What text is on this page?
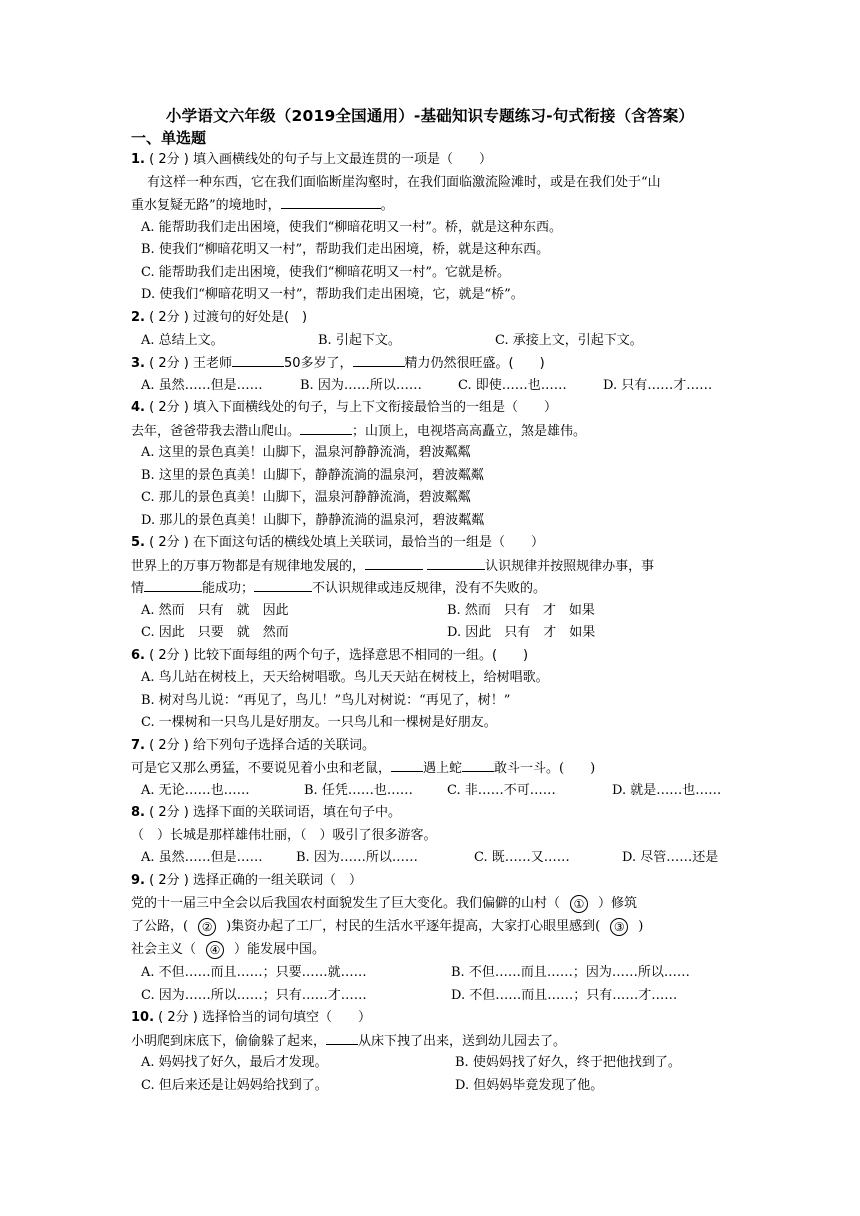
小学语文六年级（2019全国通用）-基础知识专题练习-句式衔接（含答案）
一、单选题
1. ( 2分 ) 填入画横线处的句子与上文最连贯的一项是（　　）
有这样一种东西，它在我们面临断崖沟壑时，在我们面临激流险滩时，或是在我们处于“山
重水复疑无路”的境地时，	。
A. 能帮助我们走出困境，使我们“柳暗花明又一村”。桥，就是这种东西。
B. 使我们“柳暗花明又一村”，帮助我们走出困境，桥，就是这种东西。
C. 能帮助我们走出困境，使我们“柳暗花明又一村”。它就是桥。
D. 使我们“柳暗花明又一村”，帮助我们走出困境，它，就是“桥”。
2. ( 2分 ) 过渡句的好处是(　)
A. 总结上文。	B. 引起下文。	C. 承接上文，引起下文。
3. ( 2分 ) 王老师	50多岁了，	精力仍然很旺盛。(　　)
A. 虽然……但是……	B. 因为……所以……	C. 即使……也……	D. 只有……才……
4. ( 2分 ) 填入下面横线处的句子，与上下文衔接最恰当的一组是（　　）
去年，爸爸带我去潜山爬山。	；山顶上，电视塔高高矗立，煞是雄伟。
A. 这里的景色真美！山脚下，温泉河静静流淌，碧波粼粼
B. 这里的景色真美！山脚下，静静流淌的温泉河，碧波粼粼
C. 那儿的景色真美！山脚下，温泉河静静流淌，碧波粼粼
D. 那儿的景色真美！山脚下，静静流淌的温泉河，碧波粼粼
5. ( 2分 ) 在下面这句话的横线处填上关联词，最恰当的一组是（　　）
世界上的万事万物都是有规律地发展的，	认识规律并按照规律办事，事
情	能成功；	不认识规律或违反规律，没有不失败的。
A. 然而　只有　就　因此	B. 然而　只有　才　如果
C. 因此　只要　就　然而	D. 因此　只有　才　如果
6. ( 2分 ) 比较下面每组的两个句子，选择意思不相同的一组。(　　)
A. 鸟儿站在树枝上，天天给树唱歌。鸟儿天天站在树枝上，给树唱歌。
B. 树对鸟儿说：“再见了，鸟儿！”鸟儿对树说：“再见了，树！”
C. 一棵树和一只鸟儿是好朋友。一只鸟儿和一棵树是好朋友。
7. ( 2分 ) 给下列句子选择合适的关联词。
可是它又那么勇猛，不要说见着小虫和老鼠， 遇上蛇 敢斗一斗。(　　)
A. 无论……也……	B. 任凭……也……	C. 非……不可……	D. 就是……也……
8. ( 2分 ) 选择下面的关联词语，填在句子中。
（　）长城是那样雄伟壮丽，（　）吸引了很多游客。
A. 虽然……但是……	B. 因为……所以……	C. 既……又……	D. 尽管……还是
9. ( 2分 ) 选择正确的一组关联词（　）
党的十一届三中全会以后我国农村面貌发生了巨大变化。我们偏僻的山村（ ① ）修筑
了公路，( ② )集资办起了工厂，村民的生活水平逐年提高，大家打心眼里感到( ③ )
社会主义（ ④ ）能发展中国。
A. 不但……而且……；只要……就……	B. 不但……而且……；因为……所以……
C. 因为……所以……；只有……才……	D. 不但……而且……；只有……才……
10. ( 2分 ) 选择恰当的词句填空（　　）
小明爬到床底下，偷偷躲了起来， 从床下拽了出来，送到幼儿园去了。
A. 妈妈找了好久，最后才发现。	B. 使妈妈找了好久，终于把他找到了。
C. 但后来还是让妈妈给找到了。	D. 但妈妈毕竟发现了他。
